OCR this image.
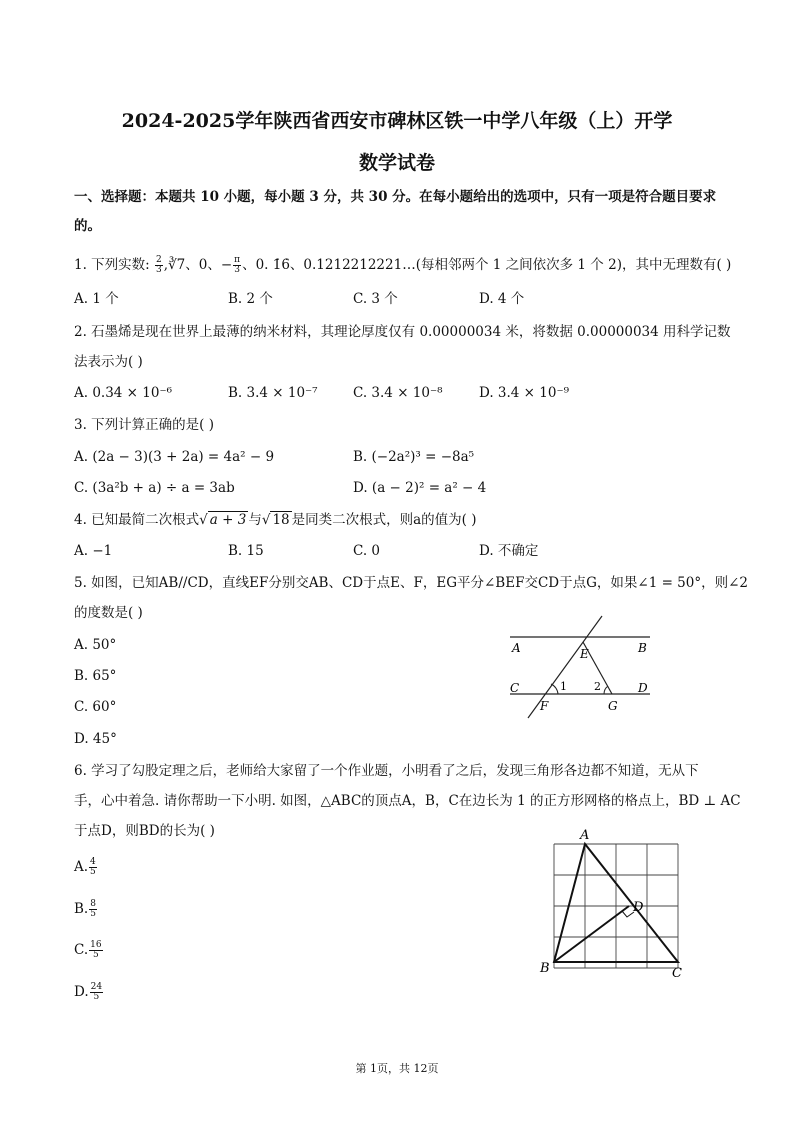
2024-2025学年陕西省西安市碑林区铁一中学八年级（上）开学
数学试卷
一、选择题：本题共 10 小题，每小题 3 分，共 30 分。在每小题给出的选项中，只有一项是符合题目要求
的。
1. 下列实数: $\frac{2}{3}$ ,∛7、0、− $\frac{\pi}{3}$ 、0. 1̇6̇、0.1212212221…(每相邻两个 1 之间依次多 1 个 2)，其中无理数有( )
A. 1 个	B. 2 个	C. 3 个	D. 4 个
2. 石墨烯是现在世界上最薄的纳米材料，其理论厚度仅有 0.00000034 米，将数据 0.00000034 用科学记数
法表示为( )
A. 0.34 × 10⁻⁶	B. 3.4 × 10⁻⁷	C. 3.4 × 10⁻⁸	D. 3.4 × 10⁻⁹
3. 下列计算正确的是( )
A. (2a − 3)(3 + 2a) = 4a² − 9	B. (−2a²)³ = −8a⁵
C. (3a²b + a) ÷ a = 3ab	D. (a − 2)² = a² − 4
4. 已知最简二次根式√ a + 3 与√ 18 是同类二次根式，则a的值为( )
A. −1	B. 15	C. 0	D. 不确定
5. 如图，已知AB//CD，直线EF分别交AB、CD于点E、F，EG平分∠BEF交CD于点G，如果∠1 = 50°，则∠2
的度数是( )
A. 50°
B. 65°
C. 60°
D. 45°
A	B
E
C	D
1 2
F	G
6. 学习了勾股定理之后，老师给大家留了一个作业题，小明看了之后，发现三角形各边都不知道，无从下
手，心中着急. 请你帮助一下小明. 如图，△ABC的顶点A，B，C在边长为 1 的正方形网格的格点上，BD ⊥ AC
于点D，则BD的长为( )
A. $\frac{4}{5}$
B. $\frac{8}{5}$
C. $\frac{16}{5}$
D. $\frac{24}{5}$
A
B	C
D
第 1页，共 12页
